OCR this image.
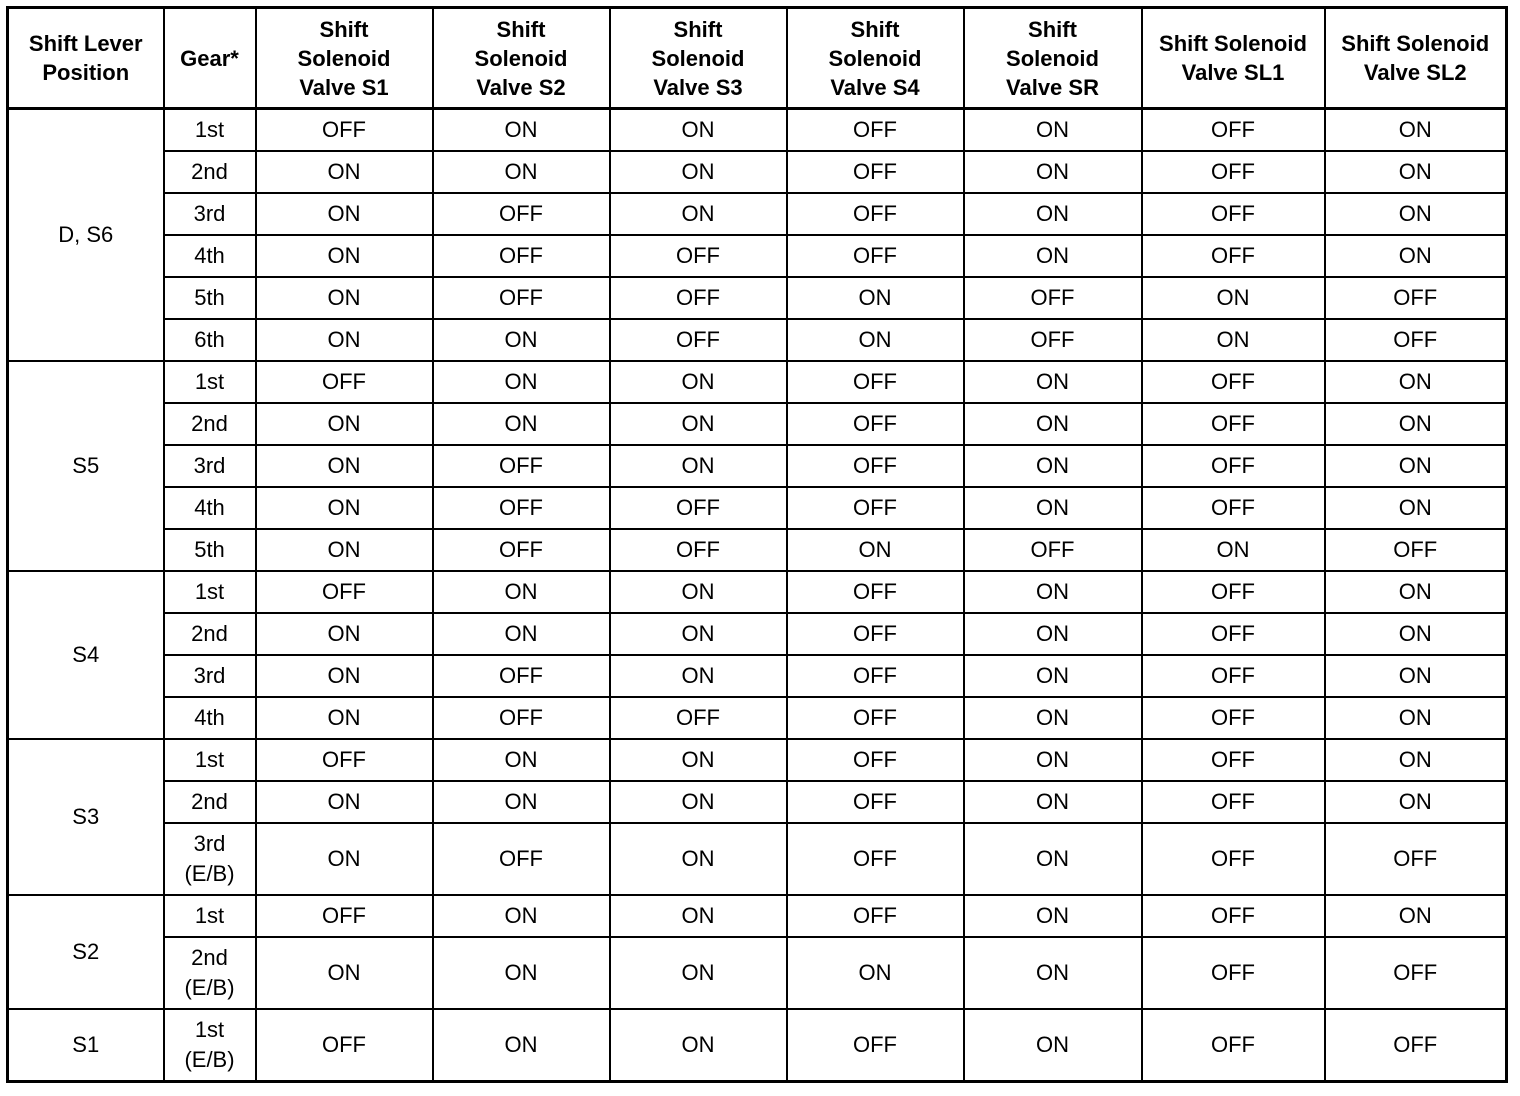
Shift Lever
Position	Gear*	Shift
Solenoid
Valve S1	Shift
Solenoid
Valve S2	Shift
Solenoid
Valve S3	Shift
Solenoid
Valve S4	Shift
Solenoid
Valve SR	Shift Solenoid
Valve SL1	Shift Solenoid
Valve SL2
D, S6	1st	OFF	ON	ON	OFF	ON	OFF	ON
	2nd	ON	ON	ON	OFF	ON	OFF	ON
	3rd	ON	OFF	ON	OFF	ON	OFF	ON
	4th	ON	OFF	OFF	OFF	ON	OFF	ON
	5th	ON	OFF	OFF	ON	OFF	ON	OFF
	6th	ON	ON	OFF	ON	OFF	ON	OFF
S5	1st	OFF	ON	ON	OFF	ON	OFF	ON
	2nd	ON	ON	ON	OFF	ON	OFF	ON
	3rd	ON	OFF	ON	OFF	ON	OFF	ON
	4th	ON	OFF	OFF	OFF	ON	OFF	ON
	5th	ON	OFF	OFF	ON	OFF	ON	OFF
S4	1st	OFF	ON	ON	OFF	ON	OFF	ON
	2nd	ON	ON	ON	OFF	ON	OFF	ON
	3rd	ON	OFF	ON	OFF	ON	OFF	ON
	4th	ON	OFF	OFF	OFF	ON	OFF	ON
S3	1st	OFF	ON	ON	OFF	ON	OFF	ON
	2nd	ON	ON	ON	OFF	ON	OFF	ON
	3rd
(E/B)	ON	OFF	ON	OFF	ON	OFF	OFF
S2	1st	OFF	ON	ON	OFF	ON	OFF	ON
	2nd
(E/B)	ON	ON	ON	ON	ON	OFF	OFF
S1	1st
(E/B)	OFF	ON	ON	OFF	ON	OFF	OFF
